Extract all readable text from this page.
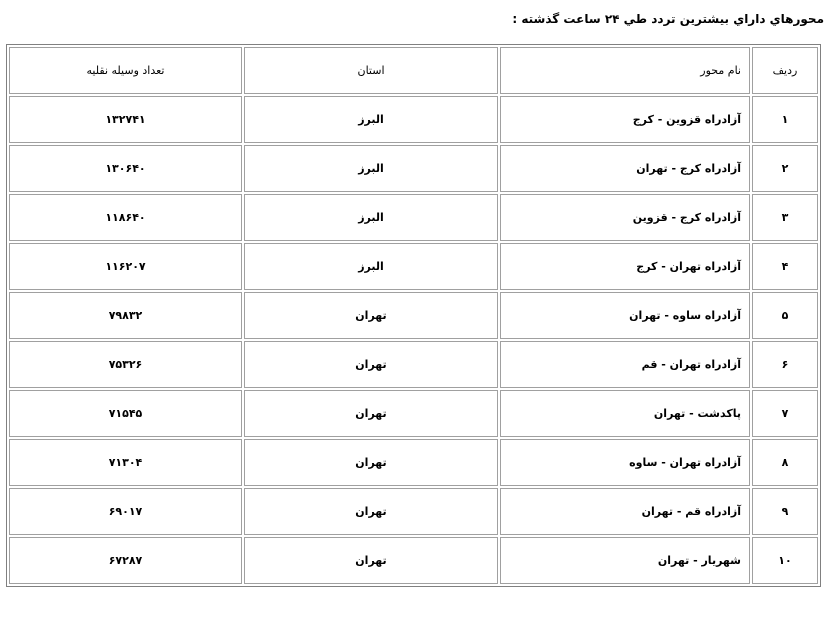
محورهاي داراي بيشترين تردد طي ۲۴ ساعت گذشته :
رديف	نام محور	استان	تعداد وسيله نقليه
۱	آزادراه قزوين - كرج	البرز	۱۳۲۷۴۱
۲	آزادراه كرج - تهران	البرز	۱۳۰۶۴۰
۳	آزادراه كرج - قزوين	البرز	۱۱۸۶۴۰
۴	آزادراه تهران - كرج	البرز	۱۱۶۲۰۷
۵	آزادراه ساوه - تهران	تهران	۷۹۸۳۲
۶	آزادراه تهران - قم	تهران	۷۵۳۲۶
۷	پاكدشت - تهران	تهران	۷۱۵۴۵
۸	آزادراه تهران - ساوه	تهران	۷۱۳۰۴
۹	آزادراه قم - تهران	تهران	۶۹۰۱۷
۱۰	شهريار - تهران	تهران	۶۷۲۸۷
